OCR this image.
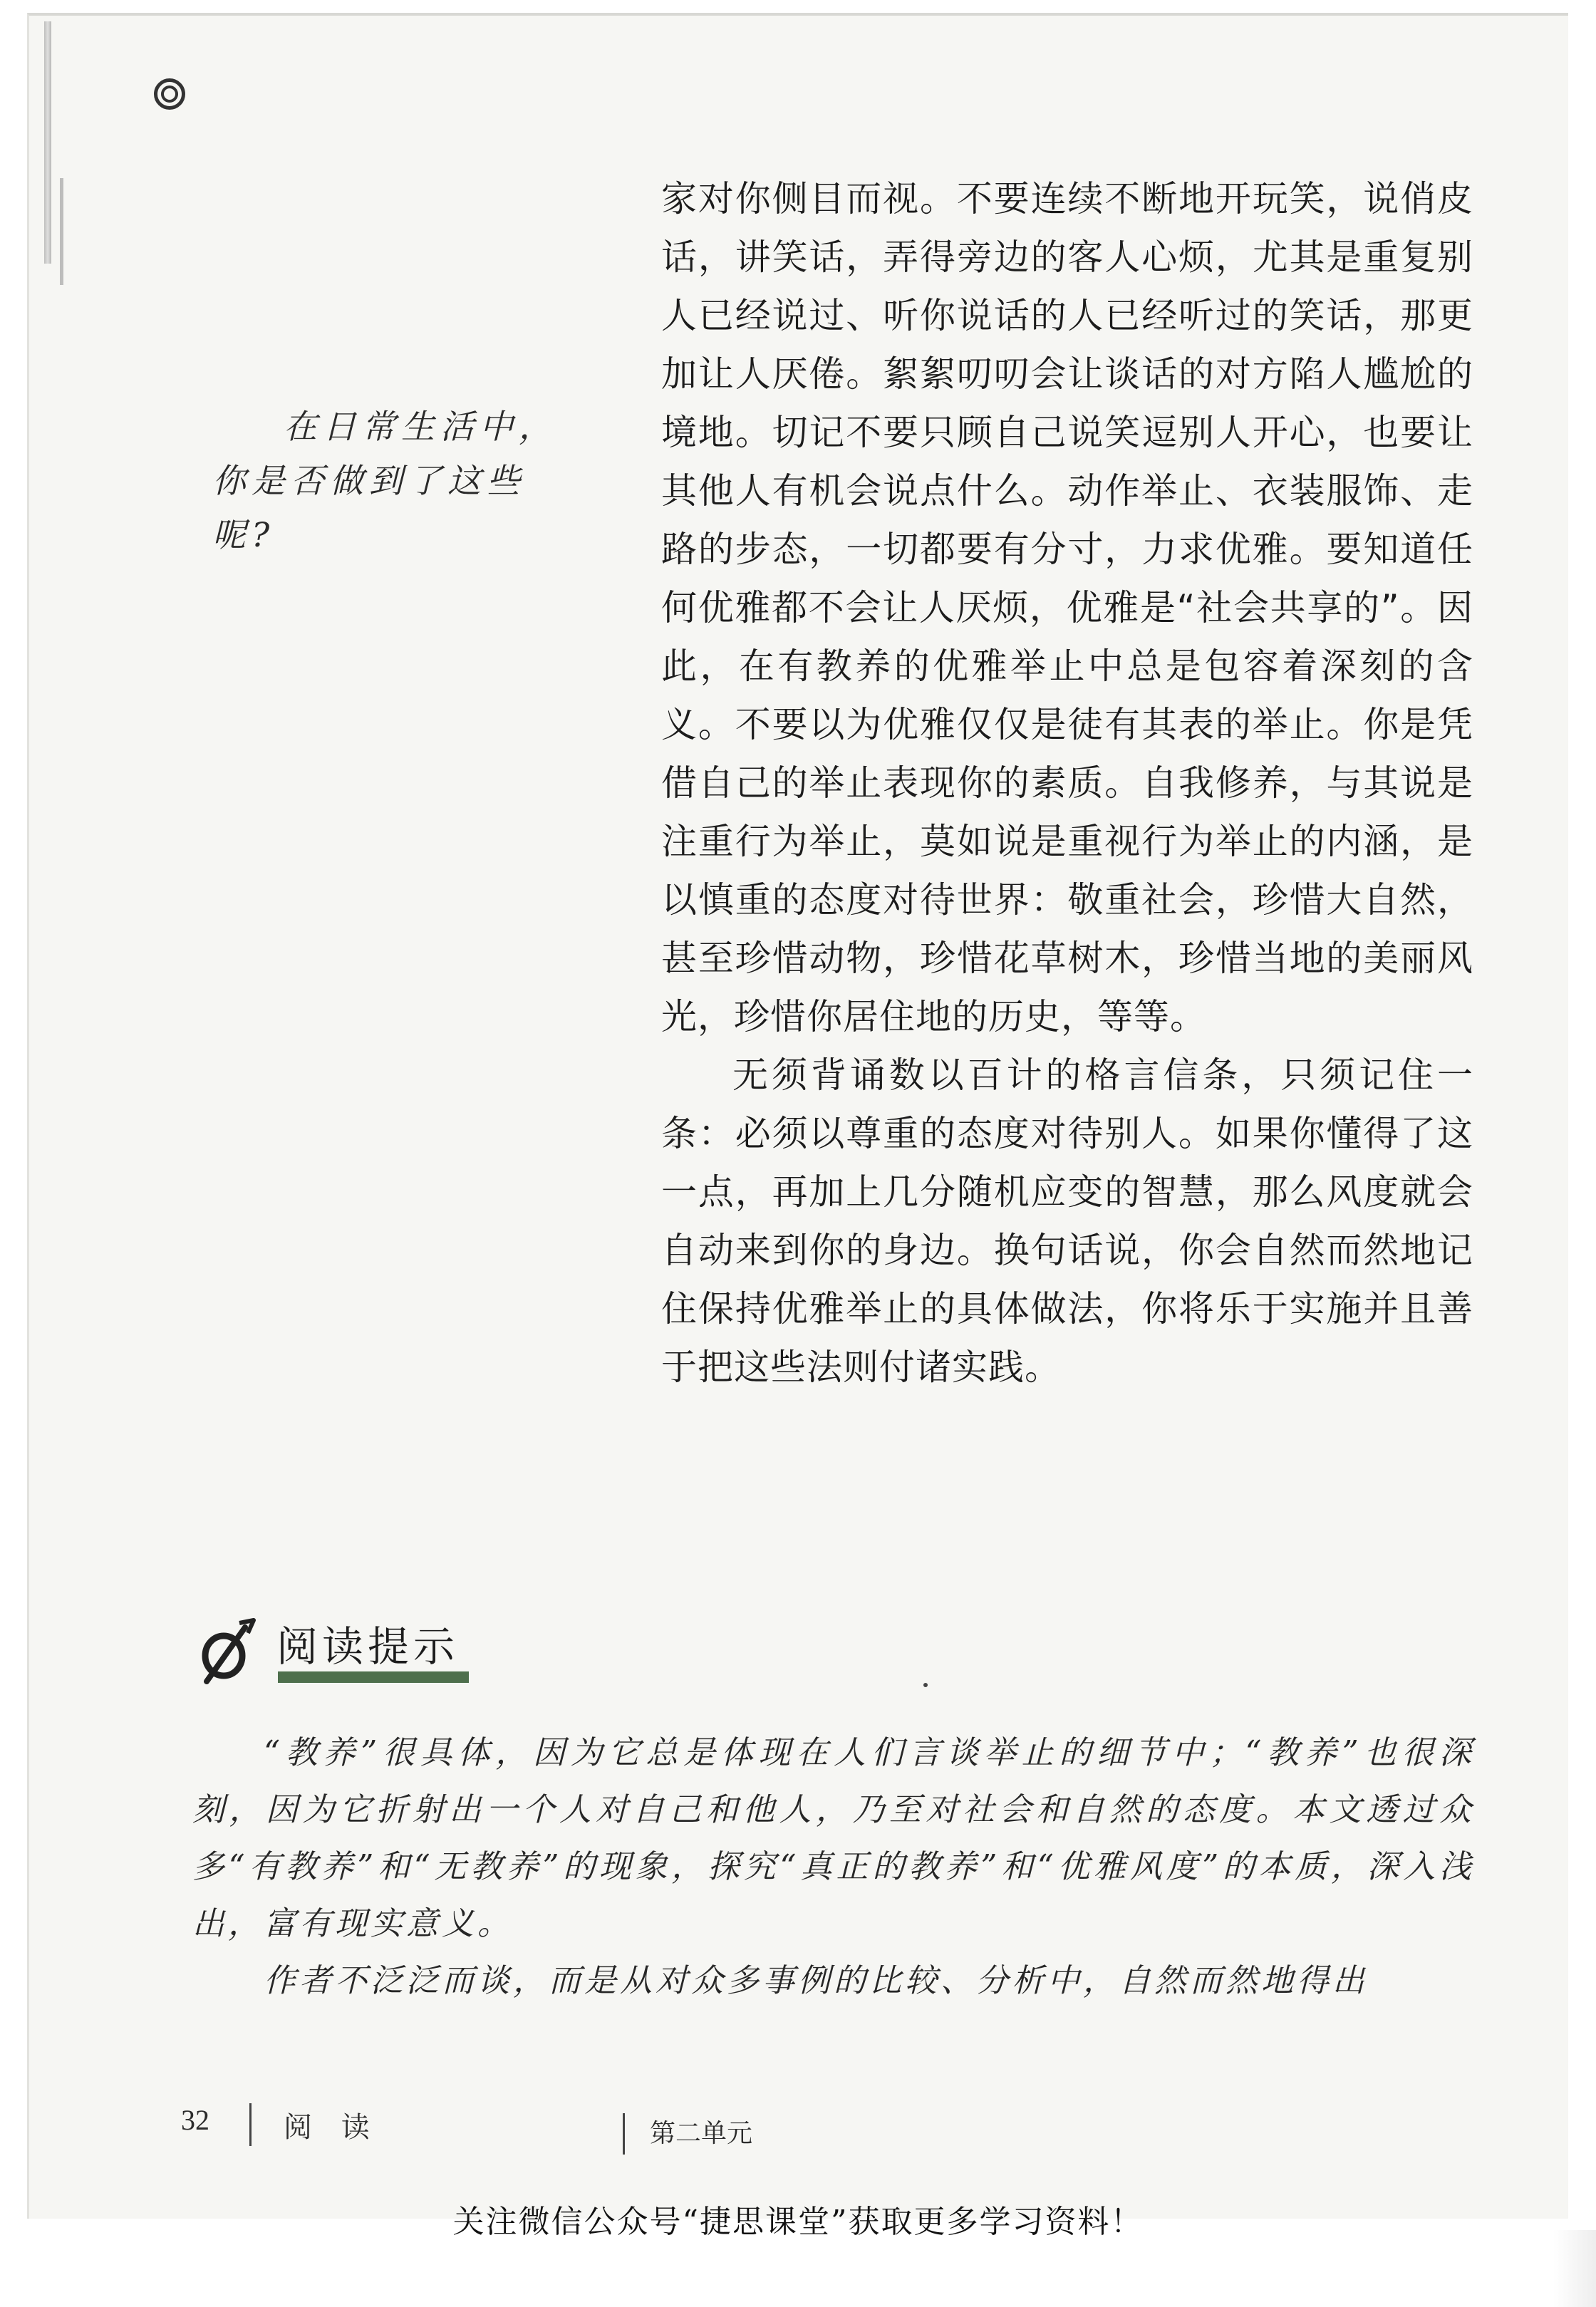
在日常生活中，你是否做到了这些呢?

家对你侧目而视。不要连续不断地开玩笑，说俏皮话，讲笑话，弄得旁边的客人心烦，尤其是重复别人已经说过、听你说话的人已经听过的笑话，那更加让人厌倦。絮絮叨叨会让谈话的对方陷人尴尬的境地。切记不要只顾自己说笑逗别人开心，也要让其他人有机会说点什么。动作举止、衣装服饰、走路的步态，一切都要有分寸，力求优雅。要知道任何优雅都不会让人厌烦，优雅是“社会共享的”。因此，在有教养的优雅举止中总是包容着深刻的含义。不要以为优雅仅仅是徒有其表的举止。你是凭借自己的举止表现你的素质。自我修养，与其说是注重行为举止，莫如说是重视行为举止的内涵，是以慎重的态度对待世界：敬重社会，珍惜大自然，甚至珍惜动物，珍惜花草树木，珍惜当地的美丽风光，珍惜你居住地的历史，等等。

无须背诵数以百计的格言信条，只须记住一条：必须以尊重的态度对待别人。如果你懂得了这一点，再加上几分随机应变的智慧，那么风度就会自动来到你的身边。换句话说，你会自然而然地记住保持优雅举止的具体做法，你将乐于实施并且善于把这些法则付诸实践。

阅读提示

“教养”很具体，因为它总是体现在人们言谈举止的细节中；“教养”也很深刻，因为它折射出一个人对自己和他人，乃至对社会和自然的态度。本文透过众多“有教养”和“无教养”的现象，探究“真正的教养”和“优雅风度”的本质，深入浅出，富有现实意义。

作者不泛泛而谈，而是从对众多事例的比较、分析中，自然而然地得出

32	阅 读	第二单元
关注微信公众号“捷思课堂”获取更多学习资料！
